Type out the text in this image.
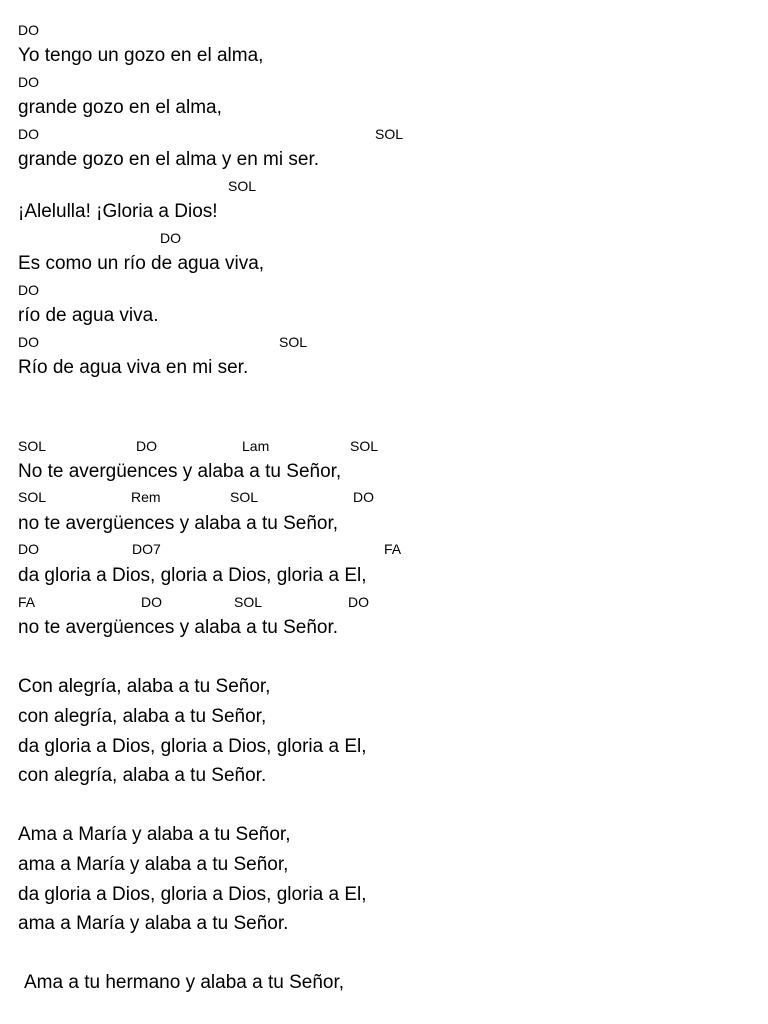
DO
Yo tengo un gozo en el alma,
DO
grande gozo en el alma,
DO	SOL
grande gozo en el alma y en mi ser.
SOL
¡Alelulla! ¡Gloria a Dios!
DO
Es como un río de agua viva,
DO
río de agua viva.
DO	SOL
Río de agua viva en mi ser.
SOL	DO	Lam	SOL
No te avergüences y alaba a tu Señor,
SOL	Rem	SOL	DO
no te avergüences y alaba a tu Señor,
DO	DO7	FA
da gloria a Dios, gloria a Dios, gloria a El,
FA	DO	SOL	DO
no te avergüences y alaba a tu Señor.
Con alegría, alaba a tu Señor,
con alegría, alaba a tu Señor,
da gloria a Dios, gloria a Dios, gloria a El,
con alegría, alaba a tu Señor.
Ama a María y alaba a tu Señor,
ama a María y alaba a tu Señor,
da gloria a Dios, gloria a Dios, gloria a El,
ama a María y alaba a tu Señor.
Ama a tu hermano y alaba a tu Señor,
